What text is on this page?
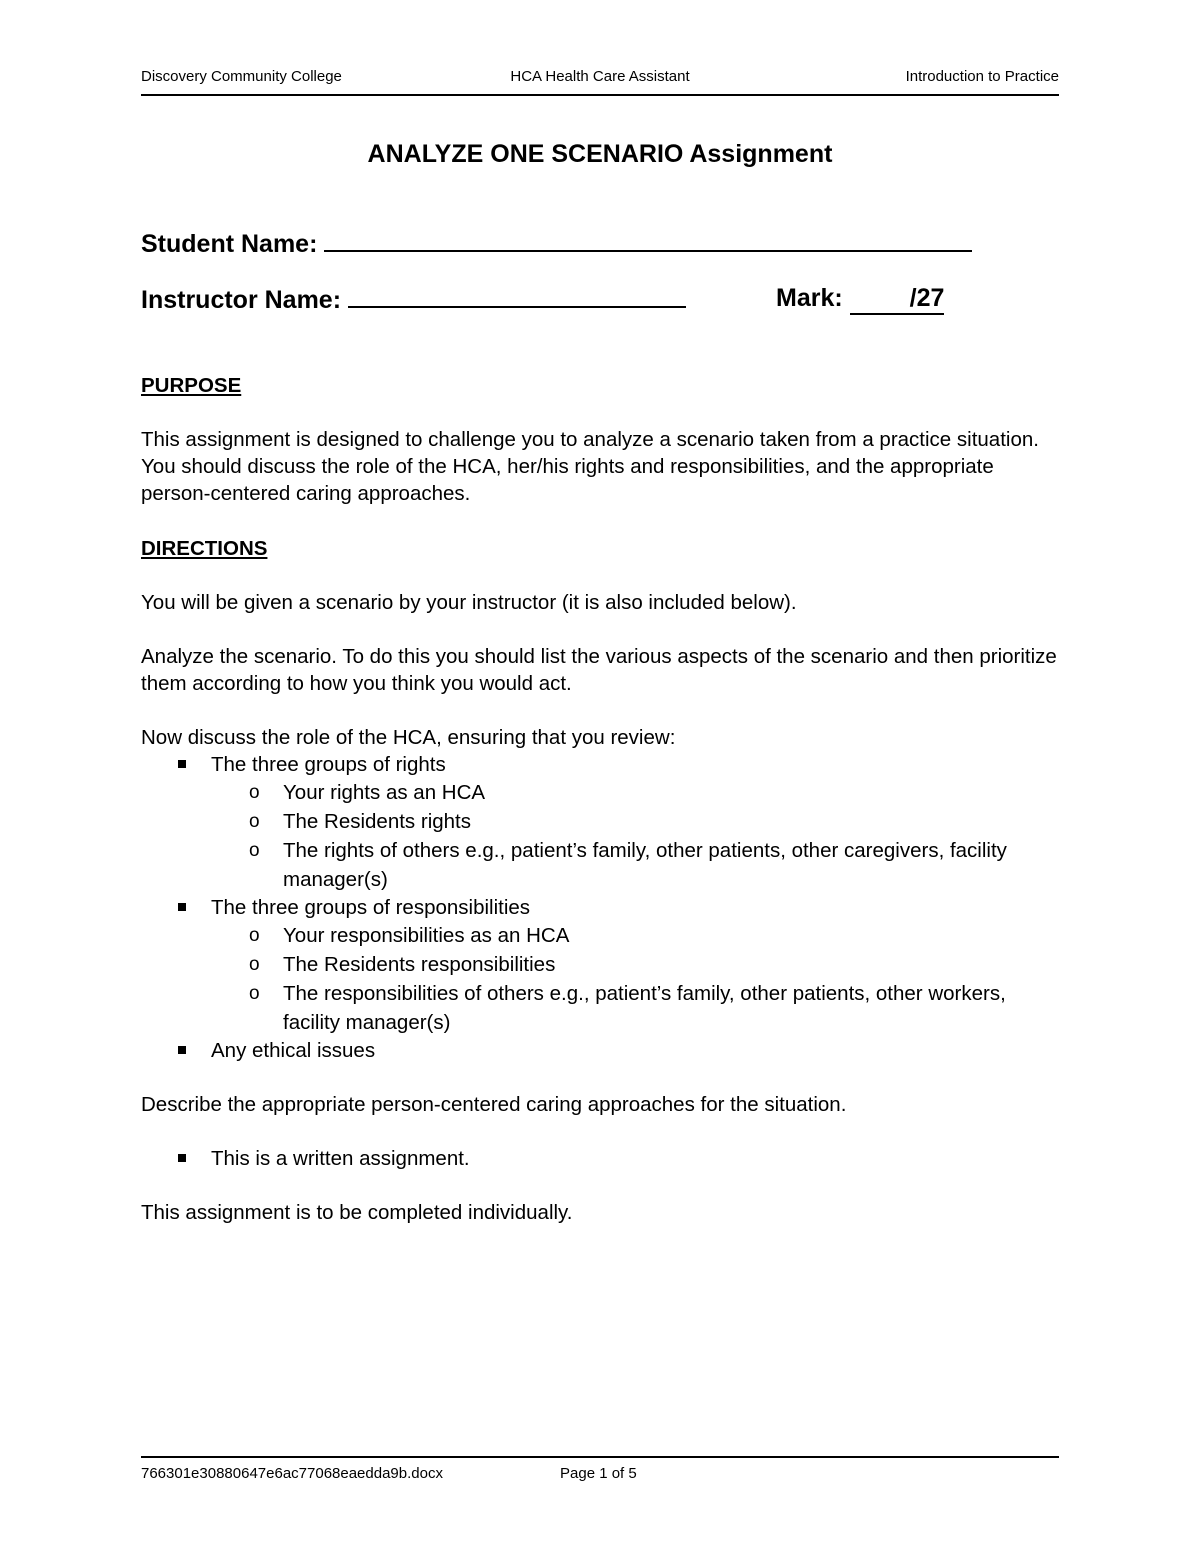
Discovery Community College	HCA Health Care Assistant	Introduction to Practice
ANALYZE ONE SCENARIO Assignment
Student Name:
Instructor Name:	Mark:	/27
PURPOSE

This assignment is designed to challenge you to analyze a scenario taken from a practice situation. You should discuss the role of the HCA, her/his rights and responsibilities, and the appropriate person-centered caring approaches.

DIRECTIONS

You will be given a scenario by your instructor (it is also included below).

Analyze the scenario. To do this you should list the various aspects of the scenario and then prioritize them according to how you think you would act.

Now discuss the role of the HCA, ensuring that you review:

The three groups of rights
o Your rights as an HCA
o The Residents rights
o The rights of others e.g., patient’s family, other patients, other caregivers, facility manager(s)
The three groups of responsibilities
o Your responsibilities as an HCA
o The Residents responsibilities
o The responsibilities of others e.g., patient’s family, other patients, other workers, facility manager(s)
Any ethical issues

Describe the appropriate person-centered caring approaches for the situation.

This is a written assignment.

This assignment is to be completed individually.

766301e30880647e6ac77068eaedda9b.docx	Page 1 of 5
